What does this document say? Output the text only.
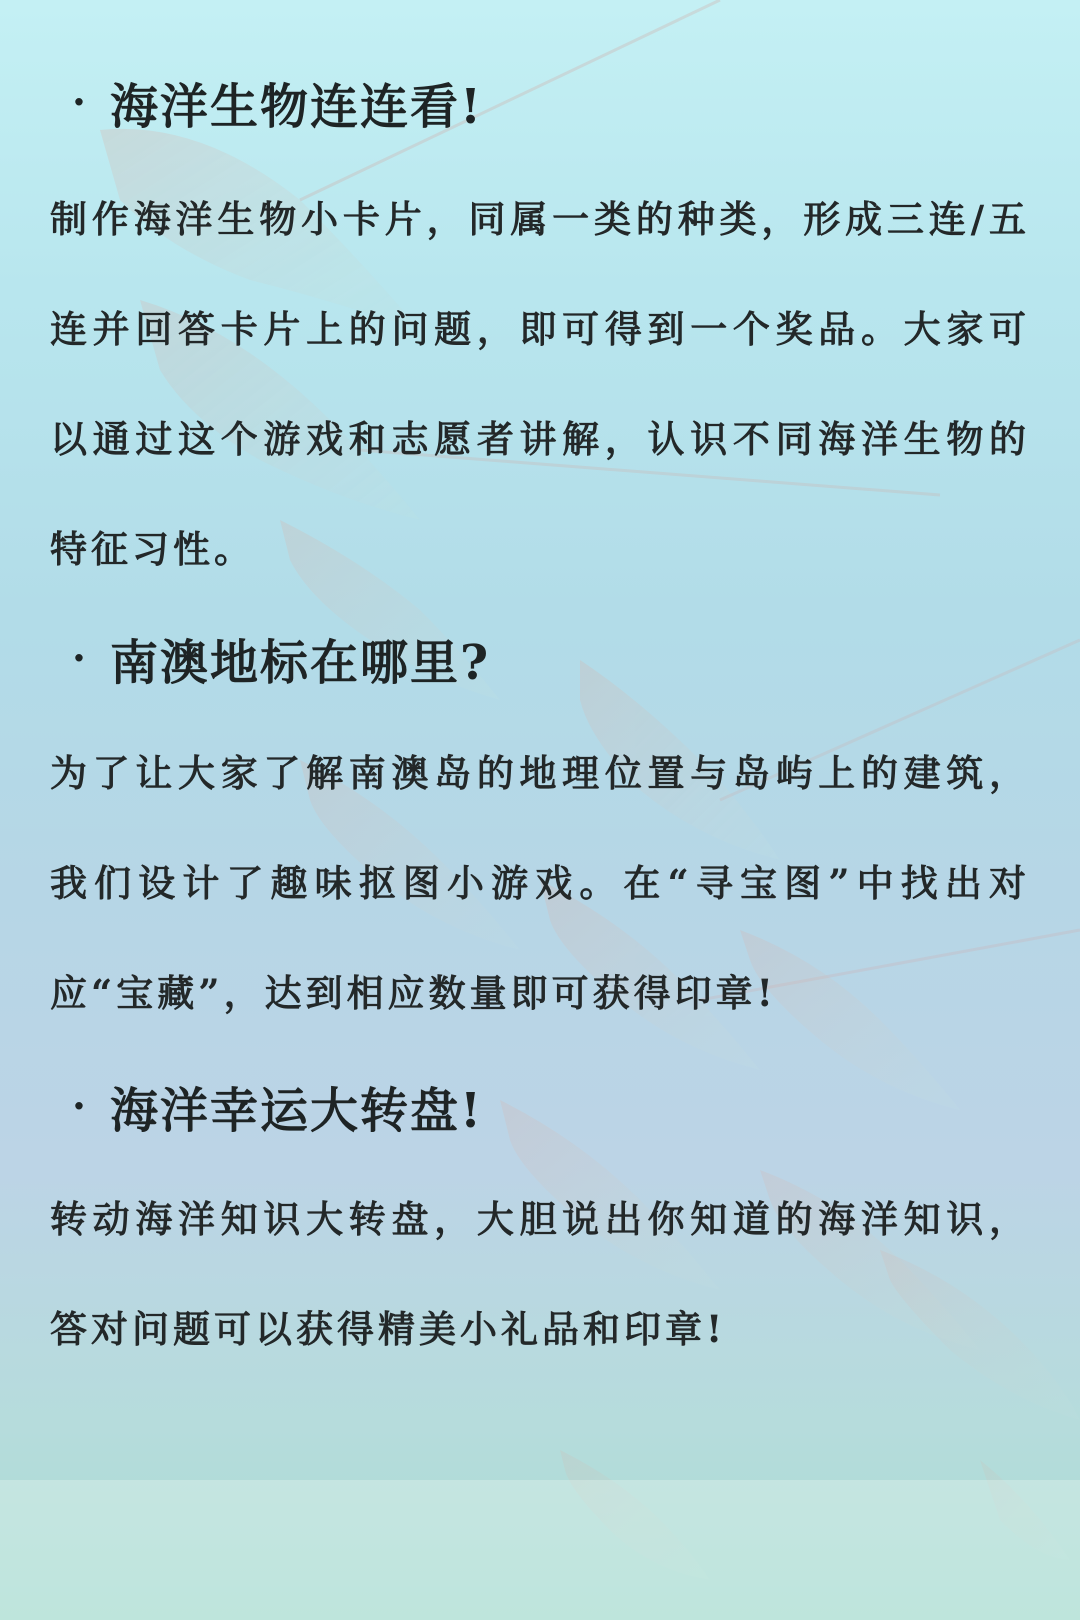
· 海洋生物连连看!

制作海洋生物小卡片，同属一类的种类，形成三连/五连并回答卡片上的问题，即可得到一个奖品。大家可以通过这个游戏和志愿者讲解，认识不同海洋生物的特征习性。

· 南澳地标在哪里?

为了让大家了解南澳岛的地理位置与岛屿上的建筑，我们设计了趣味抠图小游戏。在“寻宝图”中找出对应“宝藏”，达到相应数量即可获得印章!

· 海洋幸运大转盘!

转动海洋知识大转盘，大胆说出你知道的海洋知识，答对问题可以获得精美小礼品和印章!
